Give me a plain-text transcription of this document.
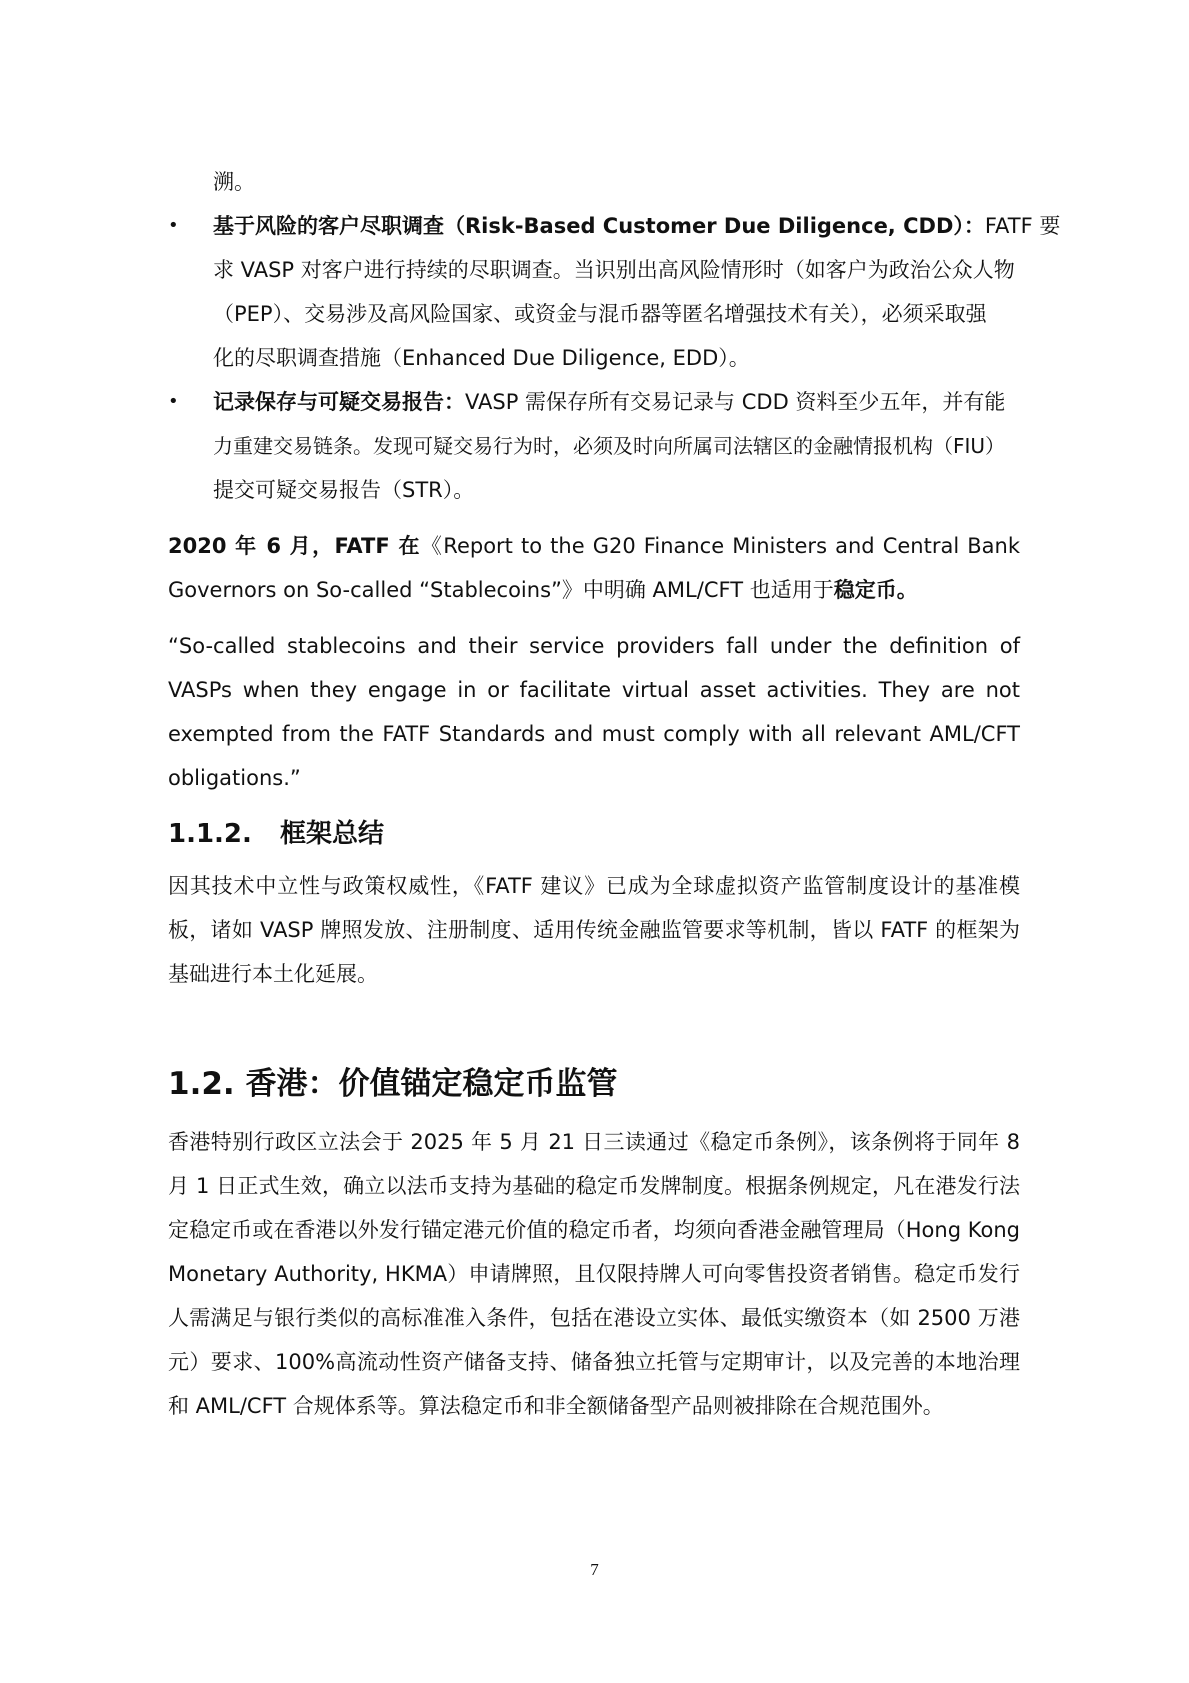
溯。
• 基于风险的客户尽职调查（Risk-Based Customer Due Diligence, CDD）：FATF 要
求 VASP 对客户进行持续的尽职调查。当识别出高风险情形时（如客户为政治公众人物
（PEP）、交易涉及高风险国家、或资金与混币器等匿名增强技术有关），必须采取强
化的尽职调查措施（Enhanced Due Diligence, EDD）。
• 记录保存与可疑交易报告：VASP 需保存所有交易记录与 CDD 资料至少五年，并有能
力重建交易链条。发现可疑交易行为时，必须及时向所属司法辖区的金融情报机构（FIU）
提交可疑交易报告（STR）。

2020 年 6 月，FATF 在《Report to the G20 Finance Ministers and Central Bank Governors on So-called “Stablecoins”》中明确 AML/CFT 也适用于稳定币。

“So-called stablecoins and their service providers fall under the definition of VASPs when they engage in or facilitate virtual asset activities. They are not exempted from the FATF Standards and must comply with all relevant AML/CFT obligations.”

1.1.2. 框架总结

因其技术中立性与政策权威性，《FATF 建议》已成为全球虚拟资产监管制度设计的基准模板，诸如 VASP 牌照发放、注册制度、适用传统金融监管要求等机制，皆以 FATF 的框架为基础进行本土化延展。

1.2. 香港：价值锚定稳定币监管

香港特别行政区立法会于 2025 年 5 月 21 日三读通过《稳定币条例》，该条例将于同年 8 月 1 日正式生效，确立以法币支持为基础的稳定币发牌制度。根据条例规定，凡在港发行法定稳定币或在香港以外发行锚定港元价值的稳定币者，均须向香港金融管理局（Hong Kong Monetary Authority, HKMA）申请牌照，且仅限持牌人可向零售投资者销售。稳定币发行人需满足与银行类似的高标准准入条件，包括在港设立实体、最低实缴资本（如 2500 万港元）要求、100%高流动性资产储备支持、储备独立托管与定期审计，以及完善的本地治理和 AML/CFT 合规体系等。算法稳定币和非全额储备型产品则被排除在合规范围外。

7
